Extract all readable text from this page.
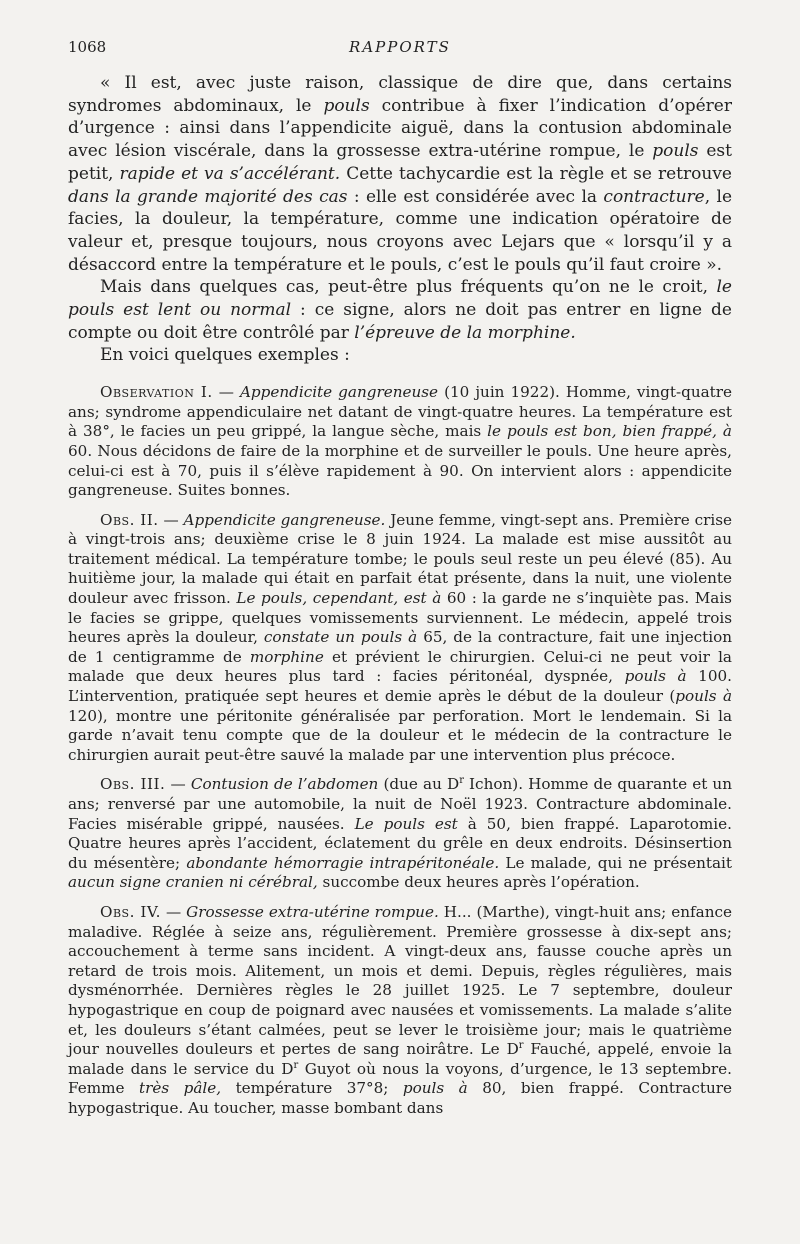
1068	RAPPORTS

« Il est, avec juste raison, classique de dire que, dans certains syndromes abdominaux, le pouls contribue à fixer l’indication d’opérer d’urgence : ainsi dans l’appendicite aiguë, dans la contusion abdominale avec lésion viscérale, dans la grossesse extra-utérine rompue, le pouls est petit, rapide et va s’accélérant. Cette tachycardie est la règle et se retrouve dans la grande majorité des cas : elle est considérée avec la contracture, le facies, la douleur, la température, comme une indication opératoire de valeur et, presque toujours, nous croyons avec Lejars que « lorsqu’il y a désaccord entre la température et le pouls, c’est le pouls qu’il faut croire ».

Mais dans quelques cas, peut-être plus fréquents qu’on ne le croit, le pouls est lent ou normal : ce signe, alors ne doit pas entrer en ligne de compte ou doit être contrôlé par l’épreuve de la morphine.

En voici quelques exemples :

Observation I. — Appendicite gangreneuse (10 juin 1922). Homme, vingt-quatre ans; syndrome appendiculaire net datant de vingt-quatre heures. La température est à 38°, le facies un peu grippé, la langue sèche, mais le pouls est bon, bien frappé, à 60. Nous décidons de faire de la morphine et de surveiller le pouls. Une heure après, celui-ci est à 70, puis il s’élève rapidement à 90. On intervient alors : appendicite gangreneuse. Suites bonnes.

Obs. II. — Appendicite gangreneuse. Jeune femme, vingt-sept ans. Première crise à vingt-trois ans; deuxième crise le 8 juin 1924. La malade est mise aussitôt au traitement médical. La température tombe; le pouls seul reste un peu élevé (85). Au huitième jour, la malade qui était en parfait état présente, dans la nuit, une violente douleur avec frisson. Le pouls, cependant, est à 60 : la garde ne s’inquiète pas. Mais le facies se grippe, quelques vomissements surviennent. Le médecin, appelé trois heures après la douleur, constate un pouls à 65, de la contracture, fait une injection de 1 centigramme de morphine et prévient le chirurgien. Celui-ci ne peut voir la malade que deux heures plus tard : facies péritonéal, dyspnée, pouls à 100. L’intervention, pratiquée sept heures et demie après le début de la douleur (pouls à 120), montre une péritonite généralisée par perforation. Mort le lendemain. Si la garde n’avait tenu compte que de la douleur et le médecin de la contracture le chirurgien aurait peut-être sauvé la malade par une intervention plus précoce.

Obs. III. — Contusion de l’abdomen (due au $D^r$ Ichon). Homme de quarante et un ans; renversé par une automobile, la nuit de Noël 1923. Contracture abdominale. Facies misérable grippé, nausées. Le pouls est à 50, bien frappé. Laparotomie. Quatre heures après l’accident, éclatement du grêle en deux endroits. Désinsertion du mésentère; abondante hémorragie intrapéritonéale. Le malade, qui ne présentait aucun signe cranien ni cérébral, succombe deux heures après l’opération.

Obs. IV. — Grossesse extra-utérine rompue. H... (Marthe), vingt-huit ans; enfance maladive. Réglée à seize ans, régulièrement. Première grossesse à dix-sept ans; accouchement à terme sans incident. A vingt-deux ans, fausse couche après un retard de trois mois. Alitement, un mois et demi. Depuis, règles régulières, mais dysménorrhée. Dernières règles le 28 juillet 1925. Le 7 septembre, douleur hypogastrique en coup de poignard avec nausées et vomissements. La malade s’alite et, les douleurs s’étant calmées, peut se lever le troisième jour; mais le quatrième jour nouvelles douleurs et pertes de sang noirâtre. Le $D^r$ Fauché, appelé, envoie la malade dans le service du $D^r$ Guyot où nous la voyons, d’urgence, le 13 septembre. Femme très pâle, température 37°8; pouls à 80, bien frappé. Contracture hypogastrique. Au toucher, masse bombant dans
